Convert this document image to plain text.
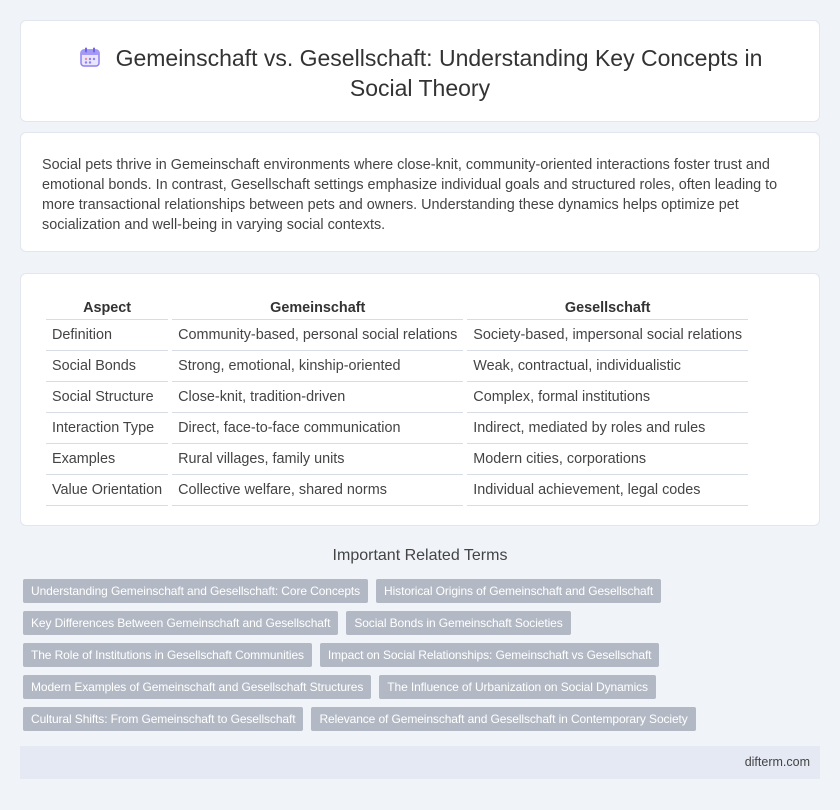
Gemeinschaft vs. Gesellschaft: Understanding Key Concepts in Social Theory

Social pets thrive in Gemeinschaft environments where close-knit, community-oriented interactions foster trust and emotional bonds. In contrast, Gesellschaft settings emphasize individual goals and structured roles, often leading to more transactional relationships between pets and owners. Understanding these dynamics helps optimize pet socialization and well-being in varying social contexts.

Aspect	Gemeinschaft	Gesellschaft
Definition	Community-based, personal social relations	Society-based, impersonal social relations
Social Bonds	Strong, emotional, kinship-oriented	Weak, contractual, individualistic
Social Structure	Close-knit, tradition-driven	Complex, formal institutions
Interaction Type	Direct, face-to-face communication	Indirect, mediated by roles and rules
Examples	Rural villages, family units	Modern cities, corporations
Value Orientation	Collective welfare, shared norms	Individual achievement, legal codes
Important Related Terms
Understanding Gemeinschaft and Gesellschaft: Core Concepts	Historical Origins of Gemeinschaft and Gesellschaft
Key Differences Between Gemeinschaft and Gesellschaft	Social Bonds in Gemeinschaft Societies
The Role of Institutions in Gesellschaft Communities	Impact on Social Relationships: Gemeinschaft vs Gesellschaft
Modern Examples of Gemeinschaft and Gesellschaft Structures	The Influence of Urbanization on Social Dynamics
Cultural Shifts: From Gemeinschaft to Gesellschaft	Relevance of Gemeinschaft and Gesellschaft in Contemporary Society
difterm.com
